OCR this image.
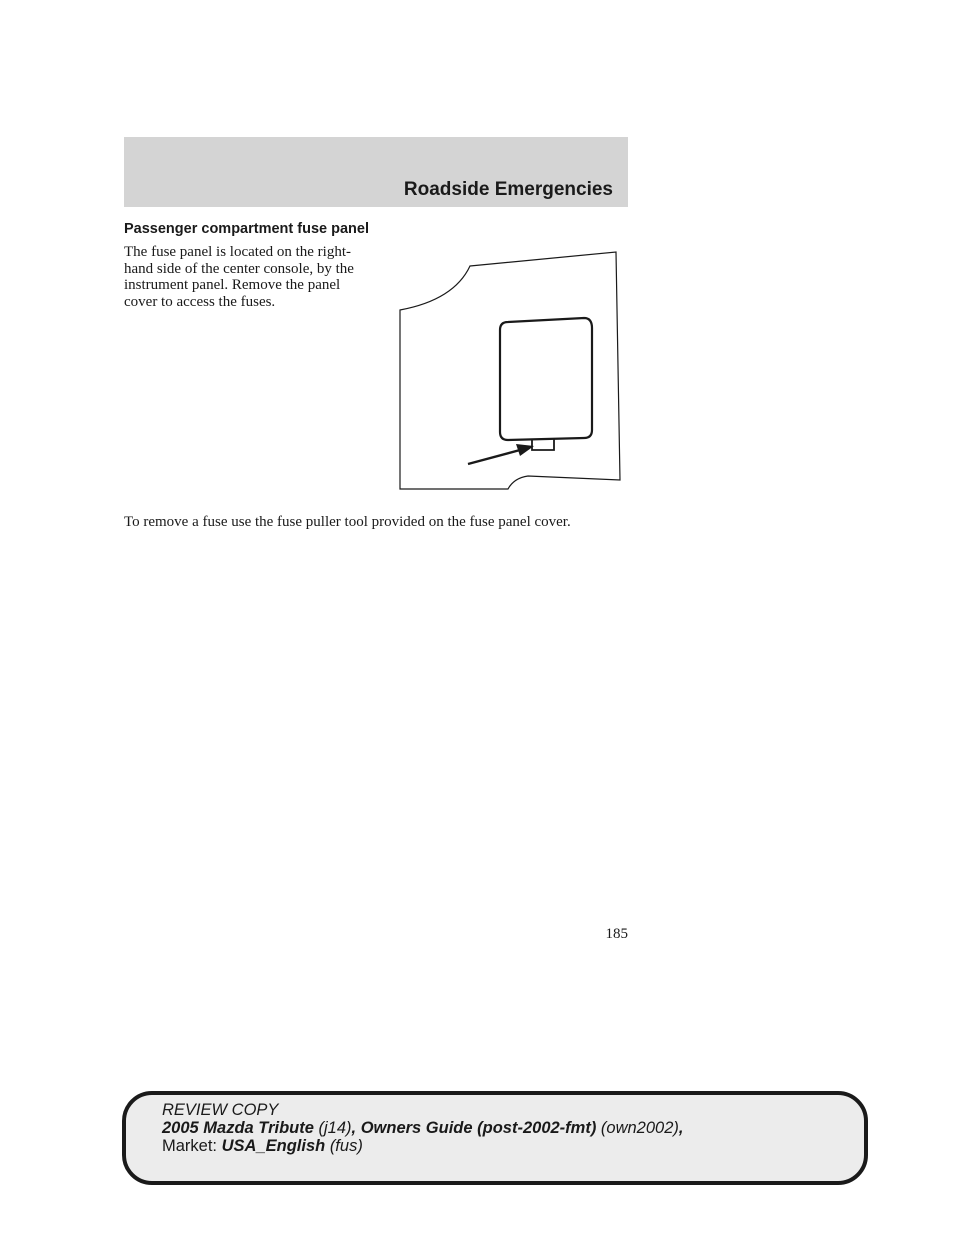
Roadside Emergencies
Passenger compartment fuse panel

The fuse panel is located on the right-hand side of the center console, by the instrument panel. Remove the panel cover to access the fuses.

To remove a fuse use the fuse puller tool provided on the fuse panel cover.

185
REVIEW COPY
2005 Mazda Tribute (j14), Owners Guide (post-2002-fmt) (own2002),
Market: USA_English (fus)
